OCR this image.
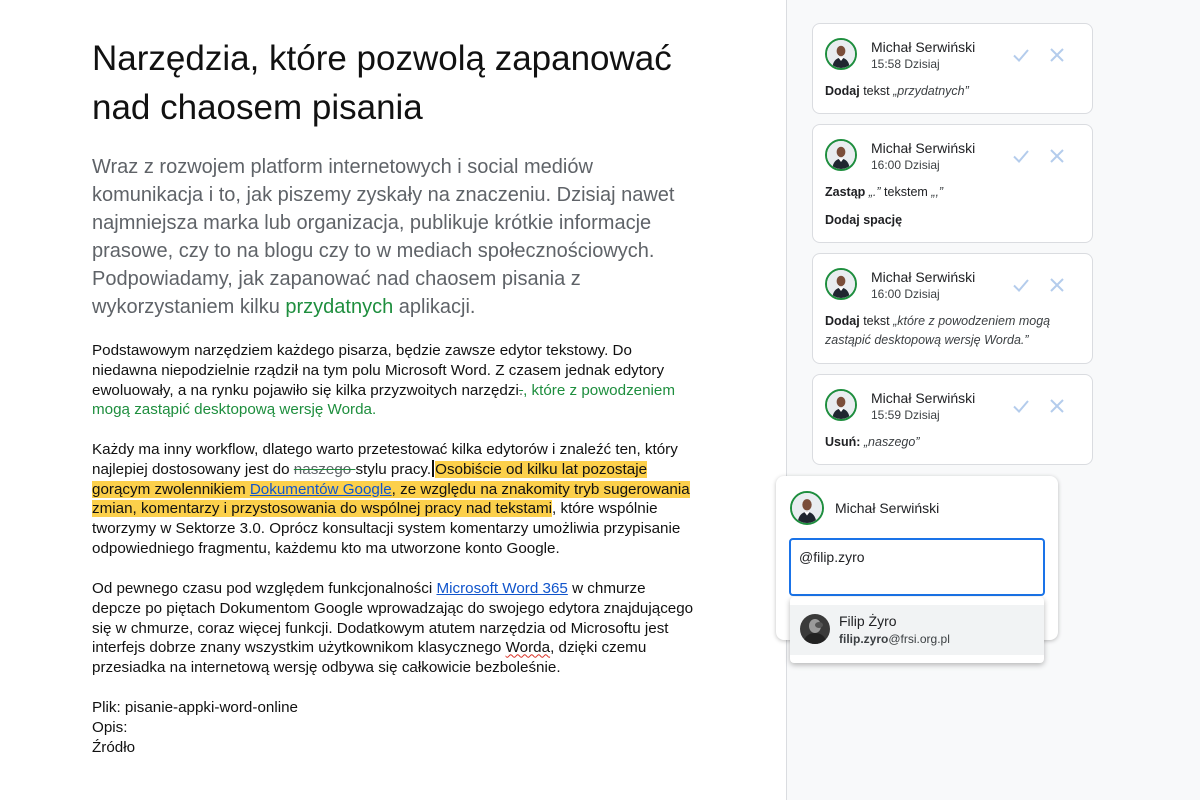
Narzędzia, które pozwolą zapanować nad chaosem pisania
Wraz z rozwojem platform internetowych i social mediów komunikacja i to, jak piszemy zyskały na znaczeniu. Dzisiaj nawet najmniejsza marka lub organizacja, publikuje krótkie informacje prasowe, czy to na blogu czy to w mediach społecznościowych. Podpowiadamy, jak zapanować nad chaosem pisania z wykorzystaniem kilku przydatnych aplikacji.
Podstawowym narzędziem każdego pisarza, będzie zawsze edytor tekstowy. Do niedawna niepodzielnie rządził na tym polu Microsoft Word. Z czasem jednak edytory ewoluowały, a na rynku pojawiło się kilka przyzwoitych narzędzi., które z powodzeniem mogą zastąpić desktopową wersję Worda.
Każdy ma inny workflow, dlatego warto przetestować kilka edytorów i znaleźć ten, który najlepiej dostosowany jest do naszego stylu pracy. Osobiście od kilku lat pozostaje gorącym zwolennikiem Dokumentów Google, ze względu na znakomity tryb sugerowania zmian, komentarzy i przystosowania do wspólnej pracy nad tekstami, które wspólnie tworzymy w Sektorze 3.0. Oprócz konsultacji system komentarzy umożliwia przypisanie odpowiedniego fragmentu, każdemu kto ma utworzone konto Google.
Od pewnego czasu pod względem funkcjonalności Microsoft Word 365 w chmurze depcze po piętach Dokumentom Google wprowadzając do swojego edytora znajdującego się w chmurze, coraz więcej funkcji. Dodatkowym atutem narzędzia od Microsoftu jest interfejs dobrze znany wszystkim użytkownikom klasycznego Worda, dzięki czemu przesiadka na internetową wersję odbywa się całkowicie bezboleśnie.
Plik: pisanie-appki-word-online
Opis:
Źródło
Michał Serwiński
15:58 Dzisiaj
Dodaj tekst „przydatnych”
Michał Serwiński
16:00 Dzisiaj
Zastąp „.” tekstem „,”
Dodaj spację
Michał Serwiński
16:00 Dzisiaj
Dodaj tekst „które z powodzeniem mogą zastąpić desktopową wersję Worda.”
Michał Serwiński
15:59 Dzisiaj
Usuń: „naszego”
Michał Serwiński
@filip.zyro
Filip Żyro
filip.zyro@frsi.org.pl
